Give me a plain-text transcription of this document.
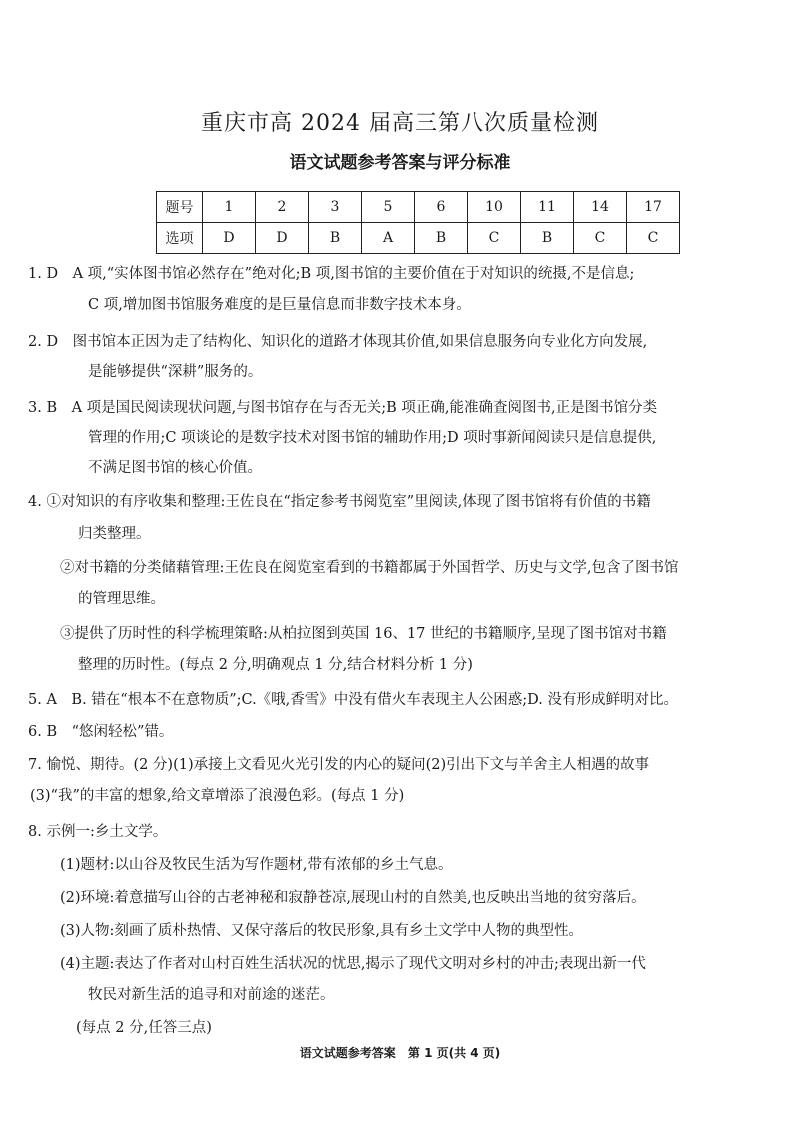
重庆市高 2024 届高三第八次质量检测
语文试题参考答案与评分标准
题号	1	2	3	5	6	10	11	14	17
选项	D	D	B	A	B	C	B	C	C
1. D　A 项,“实体图书馆必然存在”绝对化;B 项,图书馆的主要价值在于对知识的统摄,不是信息;
C 项,增加图书馆服务难度的是巨量信息而非数字技术本身。
2. D　图书馆本正因为走了结构化、知识化的道路才体现其价值,如果信息服务向专业化方向发展,
是能够提供“深耕”服务的。
3. B　A 项是国民阅读现状问题,与图书馆存在与否无关;B 项正确,能准确査阅图书,正是图书馆分类
管理的作用;C 项谈论的是数字技术对图书馆的辅助作用;D 项时事新闻阅读只是信息提供,
不满足图书馆的核心价值。
4. ①对知识的有序收集和整理:王佐良在“指定参考书阅览室”里阅读,体现了图书馆将有价值的书籍
归类整理。
②对书籍的分类储藉管理:王佐良在阅览室看到的书籍都属于外国哲学、历史与文学,包含了图书馆
的管理思维。
③提供了历时性的科学梳理策略:从柏拉图到英国 16、17 世纪的书籍顺序,呈现了图书馆对书籍
整理的历时性。(每点 2 分,明确观点 1 分,结合材料分析 1 分)
5. A　B. 错在“根本不在意物质”;C.《哦,香雪》中没有借火车表现主人公困惑;D. 没有形成鲜明对比。
6. B　“悠闲轻松”错。
7. 愉悦、期待。(2 分)(1)承接上文看见火光引发的内心的疑问(2)引出下文与羊舍主人相遇的故事
(3)“我”的丰富的想象,给文章增添了浪漫色彩。(每点 1 分)
8. 示例一:乡土文学。
(1)题材:以山谷及牧民生活为写作题材,带有浓郁的乡土气息。
(2)环境:着意描写山谷的古老神秘和寂静苍凉,展现山村的自然美,也反映出当地的贫穷落后。
(3)人物:刻画了质朴热情、又保守落后的牧民形象,具有乡土文学中人物的典型性。
(4)主题:表达了作者对山村百姓生活状况的忧思,揭示了现代文明对乡村的冲击;表现出新一代
牧民对新生活的追寻和对前途的迷茫。
(每点 2 分,任答三点)
语文试题参考答案 第 1 页(共 4 页)
